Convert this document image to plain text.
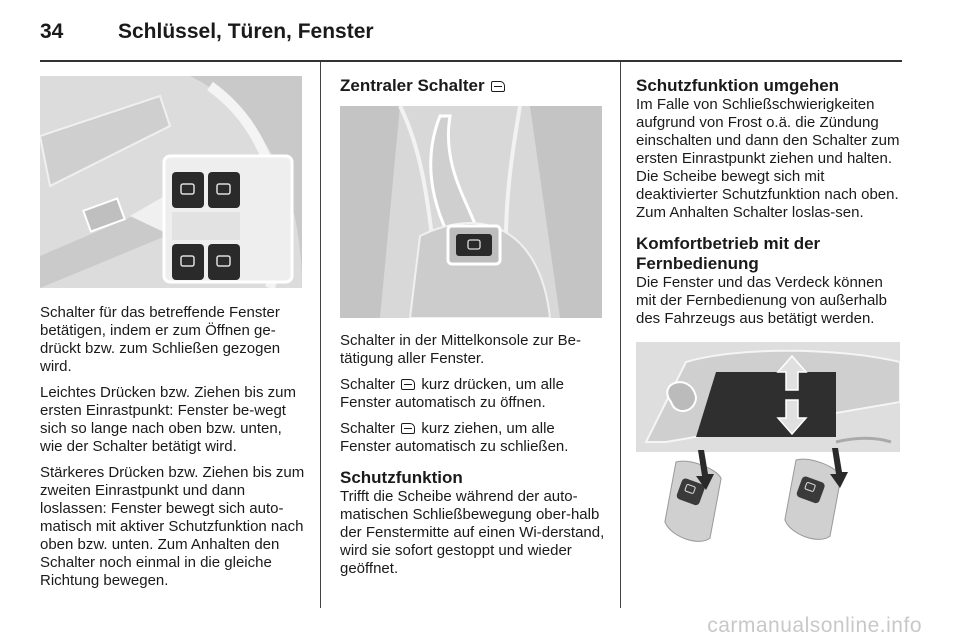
34	Schlüssel, Türen, Fenster

Schalter für das betreffende Fenster betätigen, indem er zum Öffnen ge-drückt bzw. zum Schließen gezogen wird.

Leichtes Drücken bzw. Ziehen bis zum ersten Einrastpunkt: Fenster be-wegt sich so lange nach oben bzw. unten, wie der Schalter betätigt wird.

Stärkeres Drücken bzw. Ziehen bis zum zweiten Einrastpunkt und dann loslassen: Fenster bewegt sich auto-matisch mit aktiver Schutzfunktion nach oben bzw. unten. Zum Anhalten den Schalter noch einmal in die gleiche Richtung bewegen.

Zentraler Schalter

Schalter in der Mittelkonsole zur Be-tätigung aller Fenster.

Schalter kurz drücken, um alle Fenster automatisch zu öffnen.

Schalter kurz ziehen, um alle Fenster automatisch zu schließen.

Schutzfunktion

Trifft die Scheibe während der auto-matischen Schließbewegung ober-halb der Fenstermitte auf einen Wi-derstand, wird sie sofort gestoppt und wieder geöffnet.

Schutzfunktion umgehen

Im Falle von Schließschwierigkeiten aufgrund von Frost o.ä. die Zündung einschalten und dann den Schalter zum ersten Einrastpunkt ziehen und halten. Die Scheibe bewegt sich mit deaktivierter Schutzfunktion nach oben. Zum Anhalten Schalter loslas-sen.

Komfortbetrieb mit der Fernbedienung

Die Fenster und das Verdeck können mit der Fernbedienung von außerhalb des Fahrzeugs aus betätigt werden.

carmanualsonline.info
